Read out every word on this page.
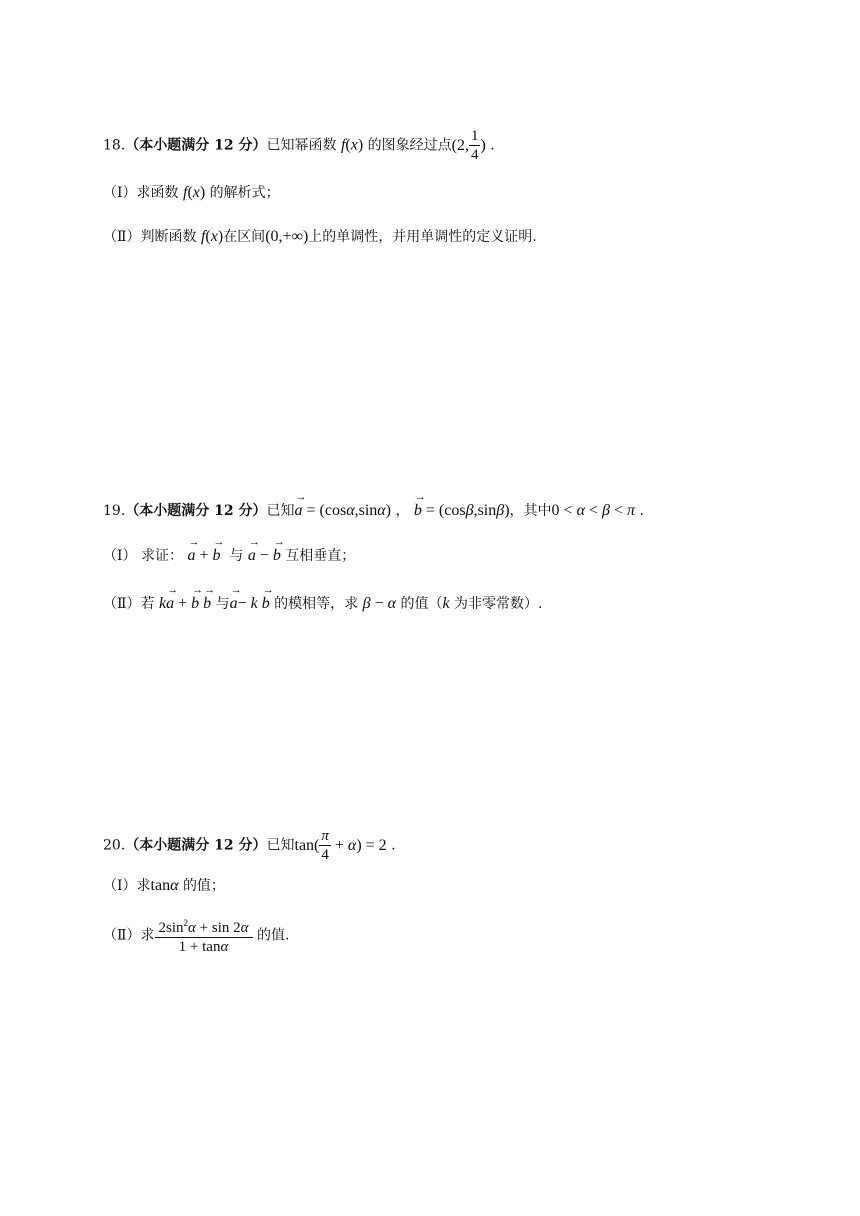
18.（本小题满分 12 分）已知幂函数 f(x) 的图象经过点(2, $\frac{1}{4}$ ) .
（Ⅰ）求函数 f(x) 的解析式；
（Ⅱ）判断函数 f(x)在区间(0,+∞)上的单调性，并用单调性的定义证明.
19.（本小题满分 12 分）已知→ a = (cosα,sinα) ， → b = (cosβ,sinβ)，其中0 < α < β < π .
（Ⅰ） 求证： → a + → b 与 → a − → b 互相垂直；
（Ⅱ）若 k→ a + → b → b 与→ a− k → b 的模相等，求 β − α 的值（k 为非零常数）.
20.（本小题满分 12 分）已知$\tan( \frac{\pi}{4} + \alpha) = 2$ .
（Ⅰ）求tanα 的值；
（Ⅱ）求 $\frac{2\sin^2\alpha + \sin 2\alpha}{1 + \tan\alpha}$ 的值.
